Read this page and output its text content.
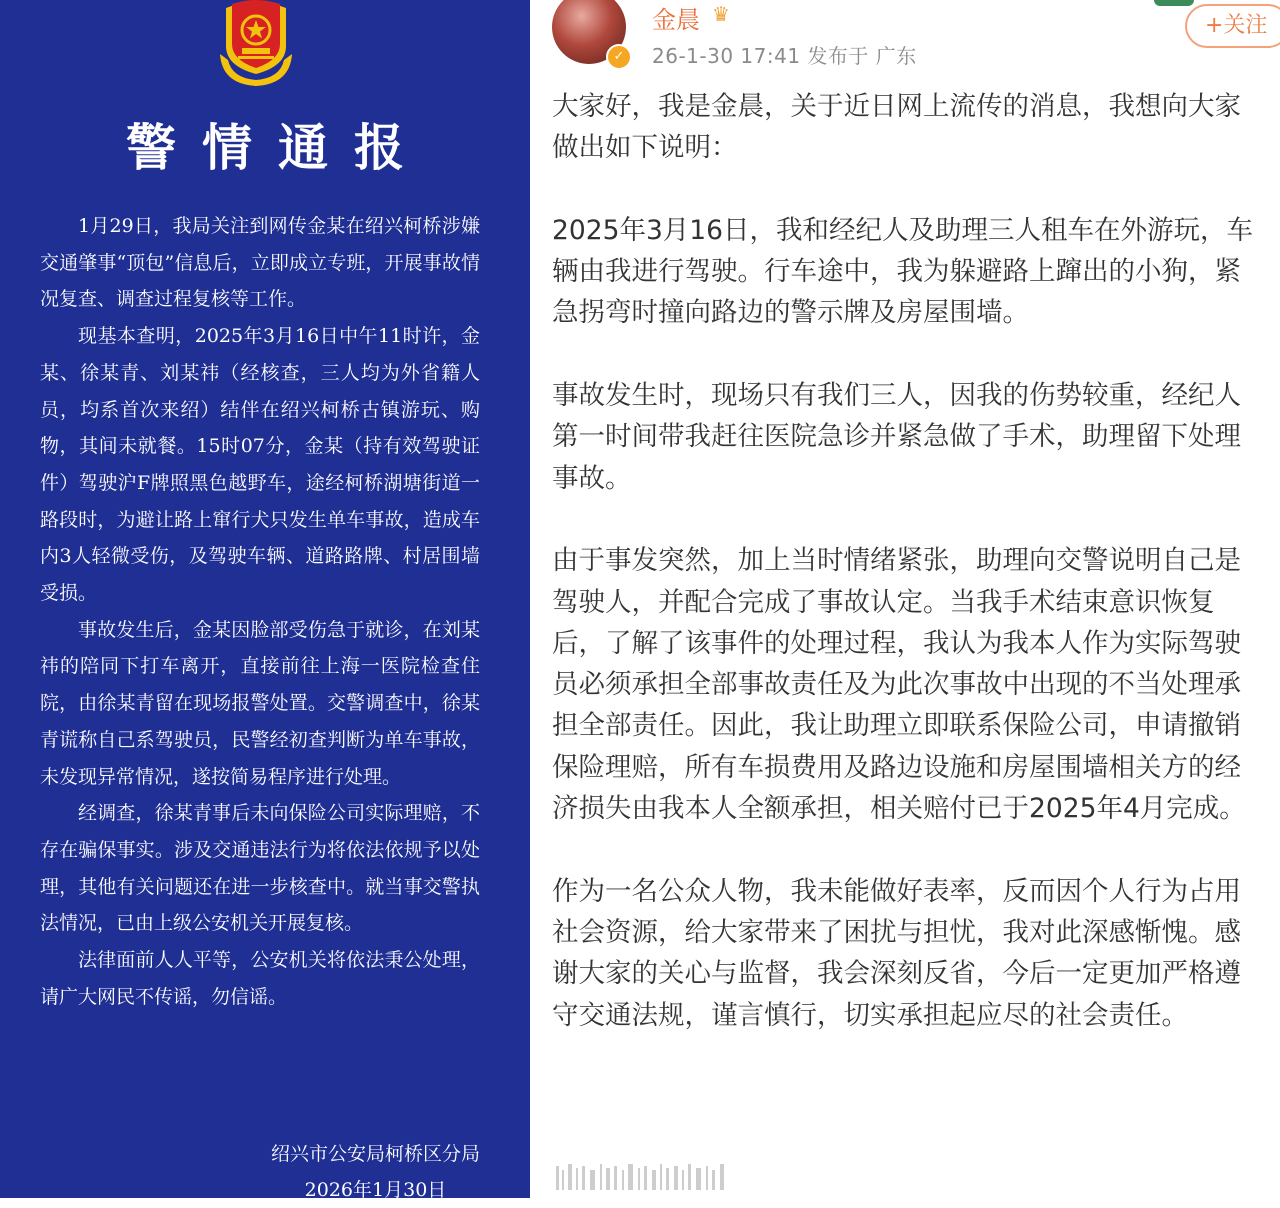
警情通报

1月29日，我局关注到网传金某在绍兴柯桥涉嫌交通肇事“顶包”信息后，立即成立专班，开展事故情况复查、调查过程复核等工作。

现基本查明，2025年3月16日中午11时许，金某、徐某青、刘某祎（经核查，三人均为外省籍人员，均系首次来绍）结伴在绍兴柯桥古镇游玩、购物，其间未就餐。15时07分，金某（持有效驾驶证件）驾驶沪F牌照黑色越野车，途经柯桥湖塘街道一路段时，为避让路上窜行犬只发生单车事故，造成车内3人轻微受伤，及驾驶车辆、道路路牌、村居围墙受损。

事故发生后，金某因脸部受伤急于就诊，在刘某祎的陪同下打车离开，直接前往上海一医院检查住院，由徐某青留在现场报警处置。交警调查中，徐某青谎称自己系驾驶员，民警经初查判断为单车事故，未发现异常情况，遂按简易程序进行处理。

经调查，徐某青事后未向保险公司实际理赔，不存在骗保事实。涉及交通违法行为将依法依规予以处理，其他有关问题还在进一步核查中。就当事交警执法情况，已由上级公安机关开展复核。

法律面前人人平等，公安机关将依法秉公处理，请广大网民不传谣，勿信谣。

绍兴市公安局柯桥区分局
2026年1月30日
✓
金晨 ♛
26-1-30 17:41 发布于 广东
+关注

大家好，我是金晨，关于近日网上流传的消息，我想向大家做出如下说明：

2025年3月16日，我和经纪人及助理三人租车在外游玩，车辆由我进行驾驶。行车途中，我为躲避路上蹿出的小狗，紧急拐弯时撞向路边的警示牌及房屋围墙。

事故发生时，现场只有我们三人，因我的伤势较重，经纪人第一时间带我赶往医院急诊并紧急做了手术，助理留下处理事故。

由于事发突然，加上当时情绪紧张，助理向交警说明自己是驾驶人，并配合完成了事故认定。当我手术结束意识恢复后，了解了该事件的处理过程，我认为我本人作为实际驾驶员必须承担全部事故责任及为此次事故中出现的不当处理承担全部责任。因此，我让助理立即联系保险公司，申请撤销保险理赔，所有车损费用及路边设施和房屋围墙相关方的经济损失由我本人全额承担，相关赔付已于2025年4月完成。

作为一名公众人物，我未能做好表率，反而因个人行为占用社会资源，给大家带来了困扰与担忧，我对此深感惭愧。感谢大家的关心与监督，我会深刻反省，今后一定更加严格遵守交通法规，谨言慎行，切实承担起应尽的社会责任。
